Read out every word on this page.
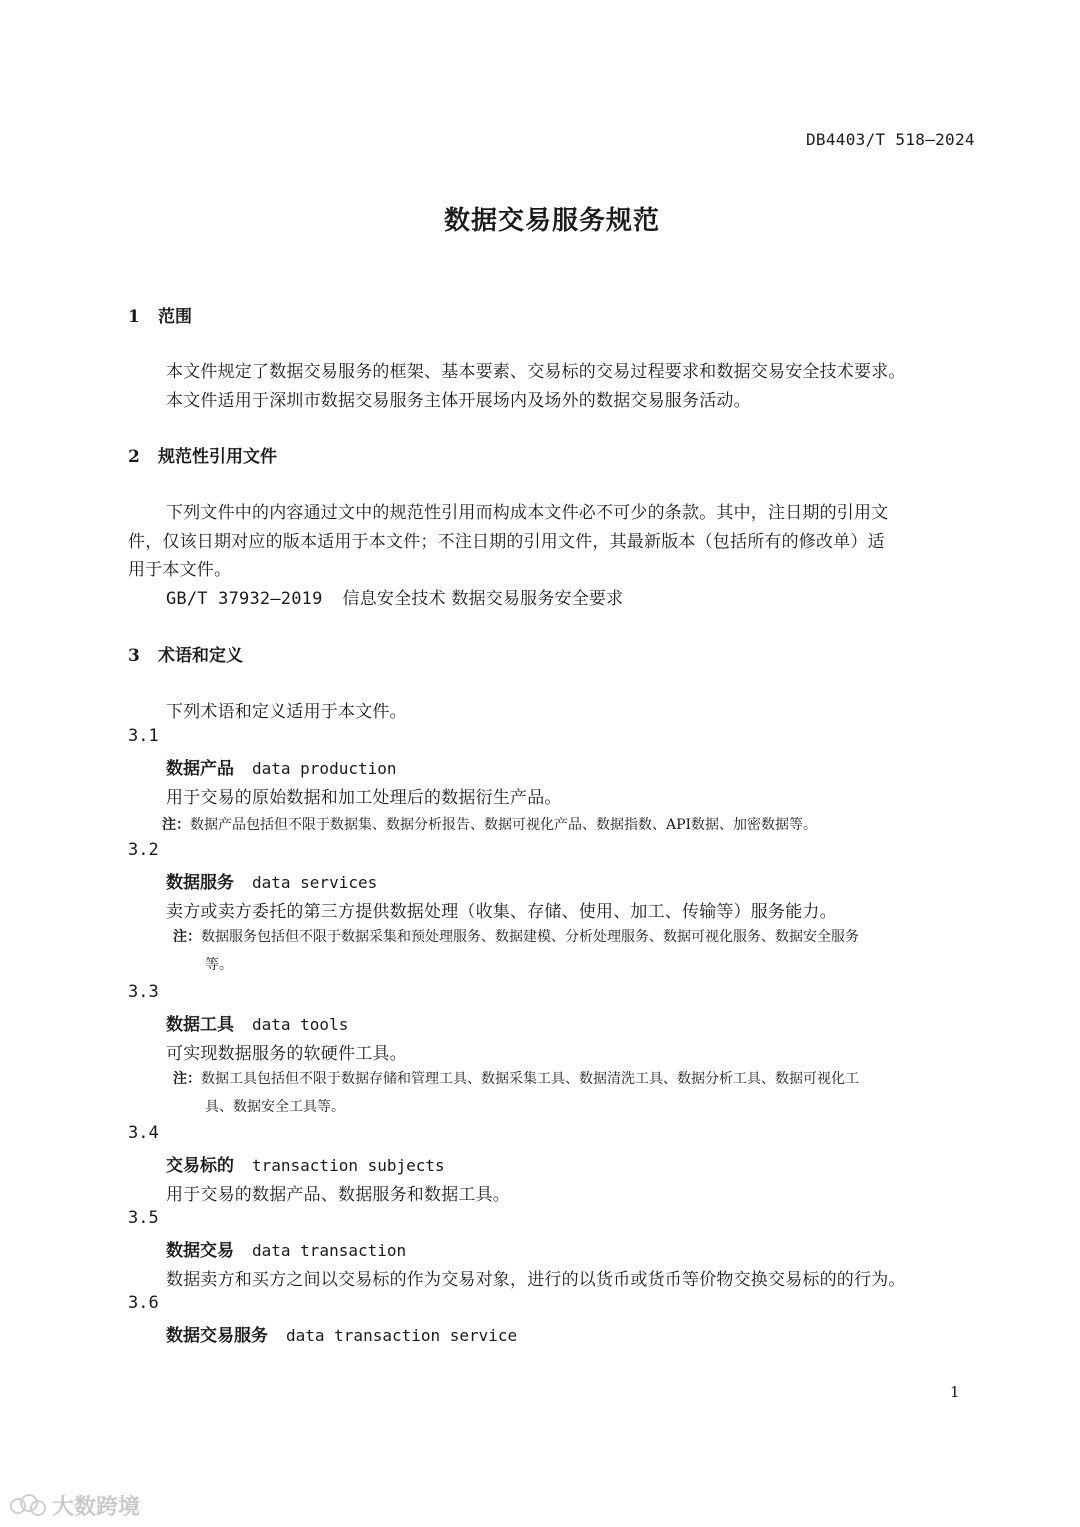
DB4403/T 518—2024
数据交易服务规范
1 范围
本文件规定了数据交易服务的框架、基本要素、交易标的交易过程要求和数据交易安全技术要求。
本文件适用于深圳市数据交易服务主体开展场内及场外的数据交易服务活动。
2 规范性引用文件
下列文件中的内容通过文中的规范性引用而构成本文件必不可少的条款。其中，注日期的引用文
件，仅该日期对应的版本适用于本文件；不注日期的引用文件，其最新版本（包括所有的修改单）适
用于本文件。
GB/T 37932—2019 信息安全技术 数据交易服务安全要求
3 术语和定义
下列术语和定义适用于本文件。
3.1
数据产品 data production
用于交易的原始数据和加工处理后的数据衍生产品。
注：数据产品包括但不限于数据集、数据分析报告、数据可视化产品、数据指数、API数据、加密数据等。
3.2
数据服务 data services
卖方或卖方委托的第三方提供数据处理（收集、存储、使用、加工、传输等）服务能力。
注：数据服务包括但不限于数据采集和预处理服务、数据建模、分析处理服务、数据可视化服务、数据安全服务
等。
3.3
数据工具 data tools
可实现数据服务的软硬件工具。
注：数据工具包括但不限于数据存储和管理工具、数据采集工具、数据清洗工具、数据分析工具、数据可视化工
具、数据安全工具等。
3.4
交易标的 transaction subjects
用于交易的数据产品、数据服务和数据工具。
3.5
数据交易 data transaction
数据卖方和买方之间以交易标的作为交易对象，进行的以货币或货币等价物交换交易标的的行为。
3.6
数据交易服务 data transaction service
1
大数跨境
